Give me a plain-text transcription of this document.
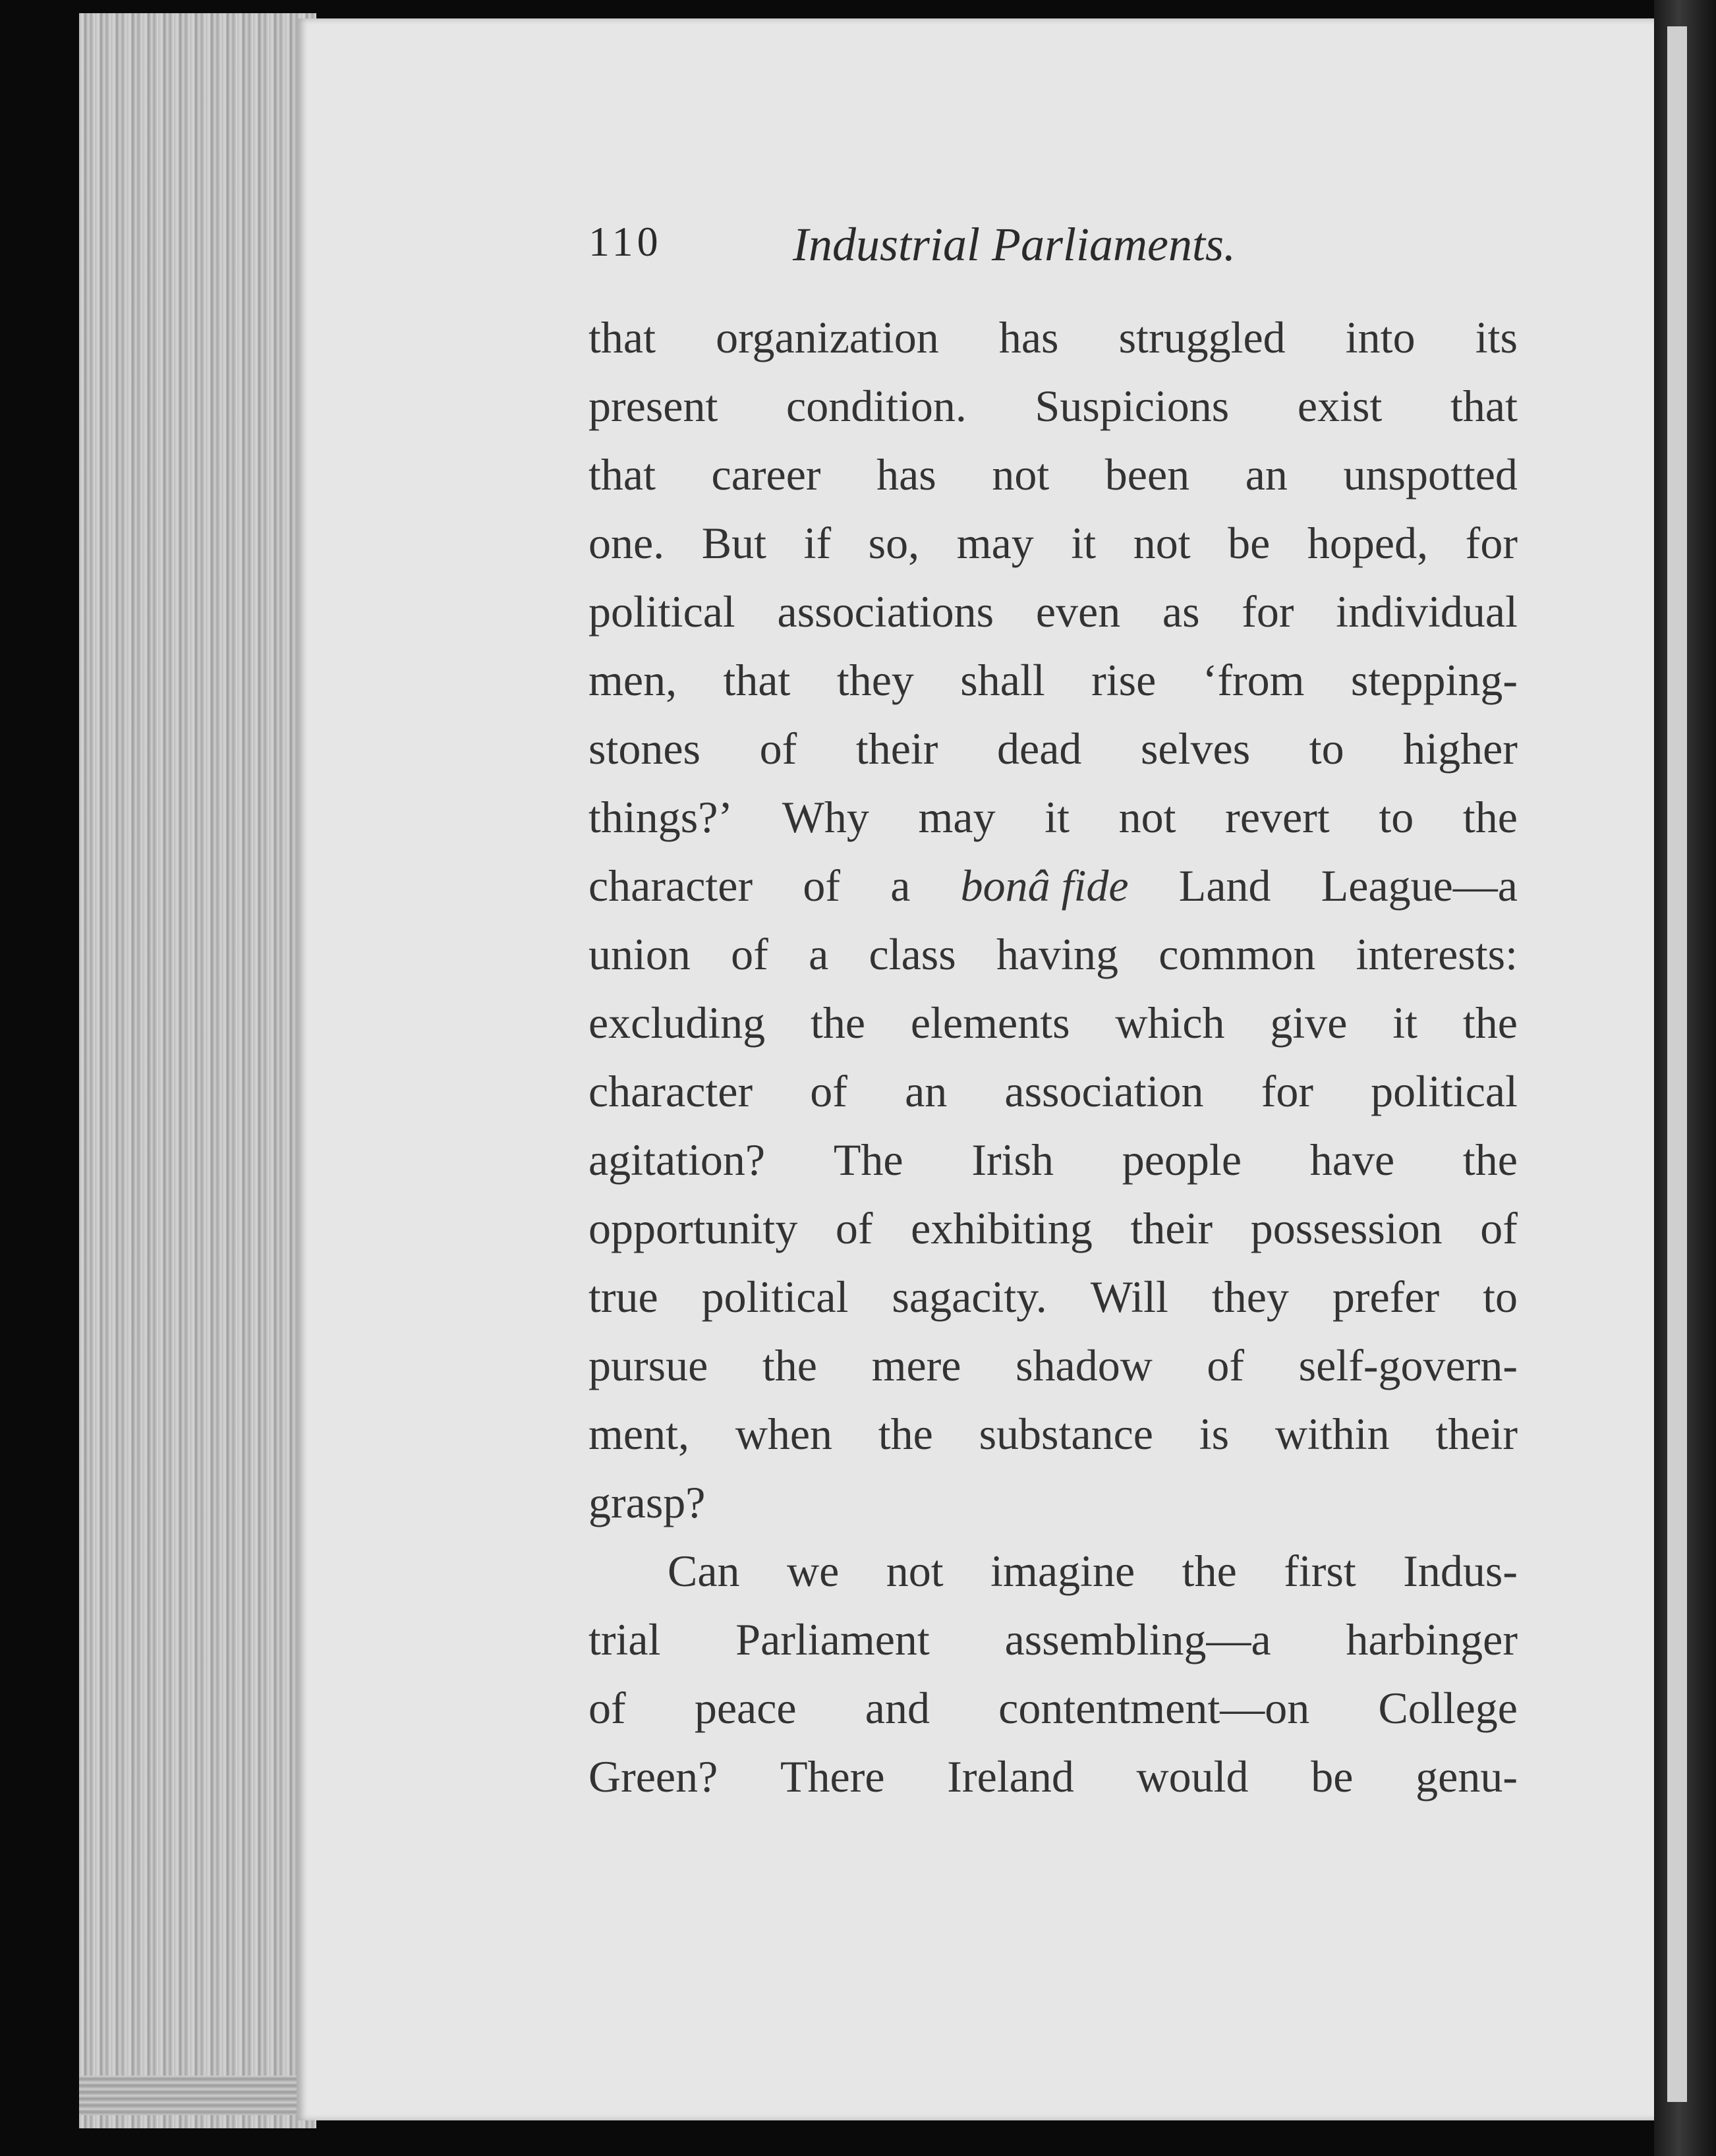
110	Industrial Parliaments.
that organization has struggled into its
present condition. Suspicions exist that
that career has not been an unspotted
one. But if so, may it not be hoped, for
political associations even as for individual
men, that they shall rise ‘from stepping-
stones of their dead selves to higher
things?’ Why may it not revert to the
character of a bonâ fide Land League—a
union of a class having common interests:
excluding the elements which give it the
character of an association for political
agitation? The Irish people have the
opportunity of exhibiting their possession of
true political sagacity. Will they prefer to
pursue the mere shadow of self-govern-
ment, when the substance is within their
grasp?
Can we not imagine the first Indus-
trial Parliament assembling—a harbinger
of peace and contentment—on College
Green? There Ireland would be genu-
